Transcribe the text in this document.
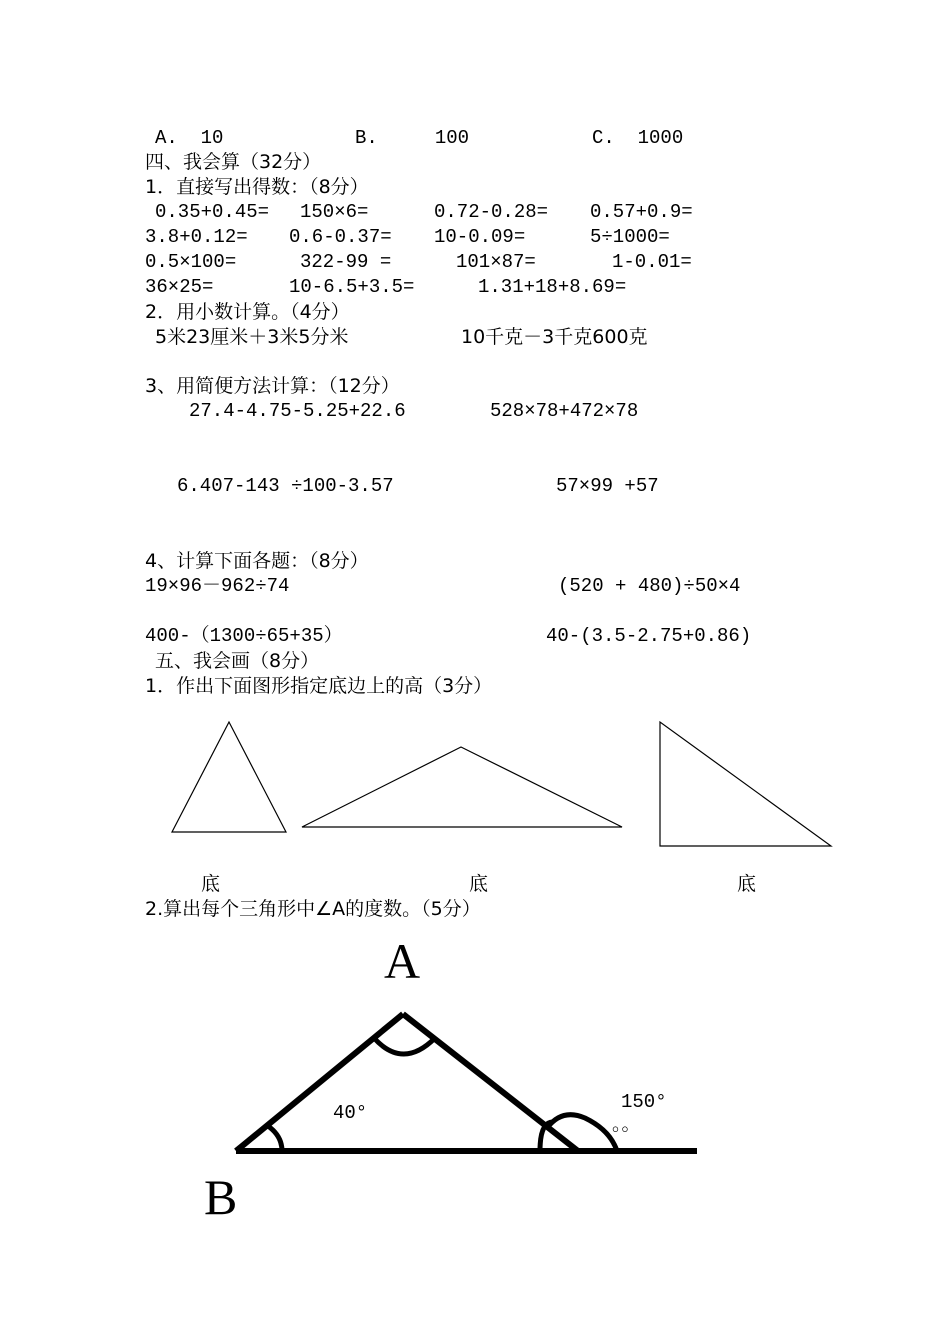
A.  10	B.     100	C.  1000
四、我会算（32分）
1．直接写出得数：（8分）
0.35+0.45= 150×6=	0.72-0.28= 0.57+0.9=
3.8+0.12= 0.6-0.37= 10-0.09=	5÷1000=
0.5×100=	322-99 =	101×87=	1-0.01=
36×25=	10-6.5+3.5=	1.31+18+8.69=
2．用小数计算。（4分）
5米23厘米＋3米5分米	10千克－3千克600克
3、用简便方法计算：（12分）
27.4-4.75-5.25+22.6	528×78+472×78
6.407-143 ÷100-3.57	57×99 +57
4、计算下面各题：（8分）
19×96－962÷74	(520 + 480)÷50×4
400-（1300÷65+35）	40-(3.5-2.75+0.86)
五、我会画（8分）
1．作出下面图形指定底边上的高（3分）
底	底	底
2.算出每个三角形中∠A的度数。（5分）
A
B
40°	150°
。。
